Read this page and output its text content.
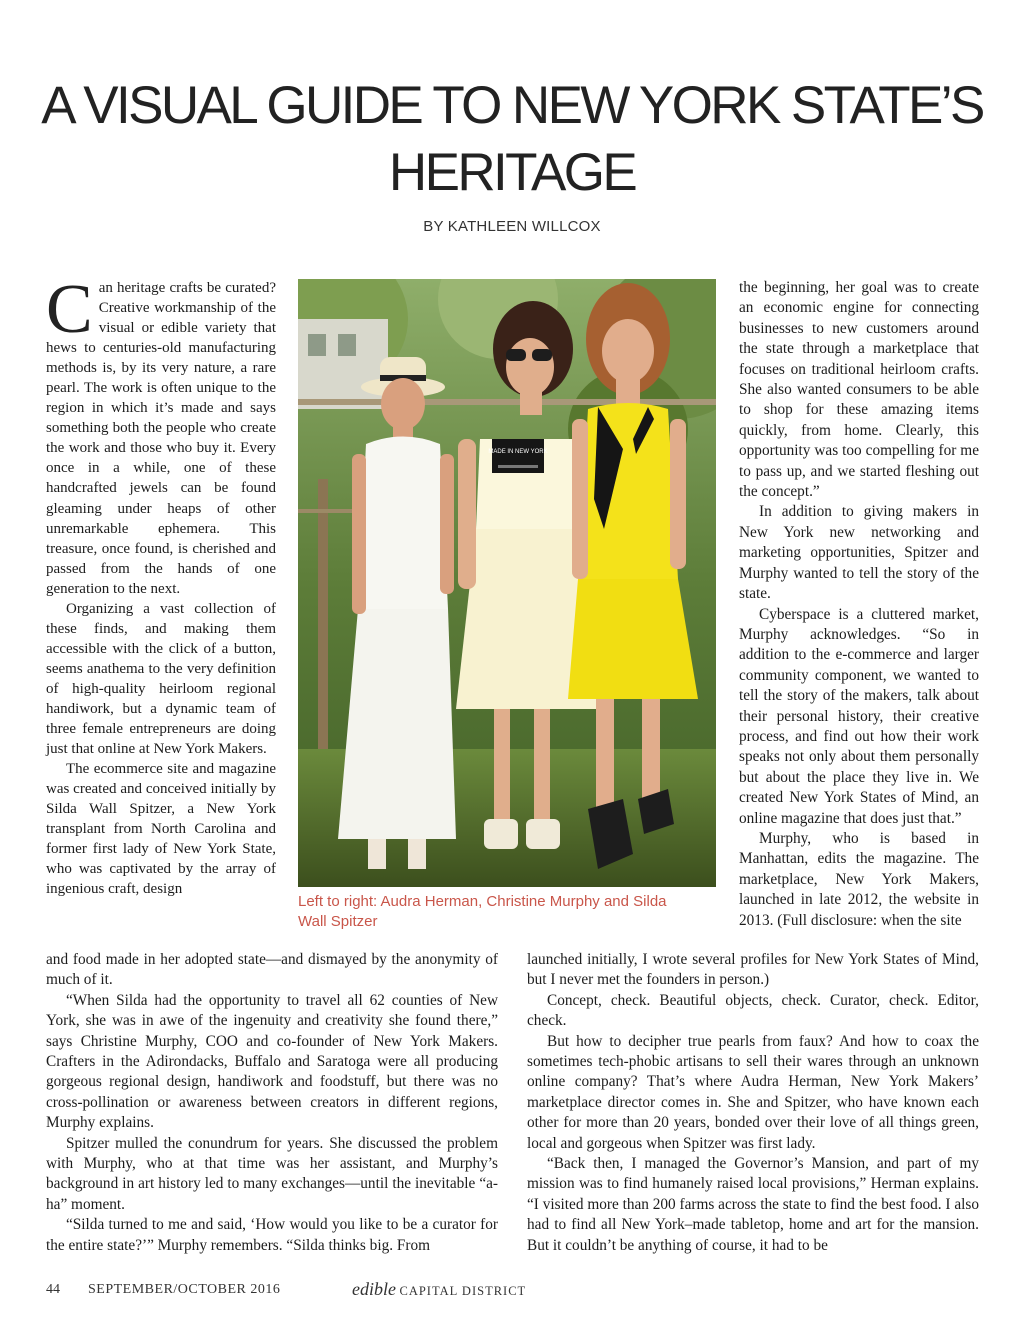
A VISUAL GUIDE TO NEW YORK STATE’S HERITAGE
BY KATHLEEN WILLCOX
C an heritage crafts be curated? Creative workmanship of the visual or edible variety that hews to centuries-old manufacturing methods is, by its very nature, a rare pearl. The work is often unique to the region in which it’s made and says something both the people who create the work and those who buy it. Every once in a while, one of these handcrafted jewels can be found gleaming under heaps of other unremarkable ephemera. This treasure, once found, is cherished and passed from the hands of one generation to the next.

Organizing a vast collection of these finds, and making them accessible with the click of a button, seems anathema to the very definition of high-quality heirloom regional handiwork, but a dynamic team of three female entrepreneurs are doing just that online at New York Makers.

The ecommerce site and magazine was created and conceived initially by Silda Wall Spitzer, a New York transplant from North Carolina and former first lady of New York State, who was captivated by the array of ingenious craft, design

MADE IN NEW YORK
Left to right: Audra Herman, Christine Murphy and Silda Wall Spitzer

and food made in her adopted state—and dismayed by the anonymity of much of it.

“When Silda had the opportunity to travel all 62 counties of New York, she was in awe of the ingenuity and creativity she found there,” says Christine Murphy, COO and co-founder of New York Makers. Crafters in the Adirondacks, Buffalo and Saratoga were all producing gorgeous regional design, handiwork and foodstuff, but there was no cross-pollination or awareness between creators in different regions, Murphy explains.

Spitzer mulled the conundrum for years. She discussed the problem with Murphy, who at that time was her assistant, and Murphy’s background in art history led to many exchanges—until the inevitable “a-ha” moment.

“Silda turned to me and said, ‘How would you like to be a curator for the entire state?’” Murphy remembers. “Silda thinks big. From

the beginning, her goal was to create an economic engine for connecting businesses to new customers around the state through a marketplace that focuses on traditional heirloom crafts. She also wanted consumers to be able to shop for these amazing items quickly, from home. Clearly, this opportunity was too compelling for me to pass up, and we started fleshing out the concept.”

In addition to giving makers in New York new networking and marketing opportunities, Spitzer and Murphy wanted to tell the story of the state.

Cyberspace is a cluttered market, Murphy acknowledges. “So in addition to the e-commerce and larger community component, we wanted to tell the story of the makers, talk about their personal history, their creative process, and find out how their work speaks not only about them personally but about the place they live in. We created New York States of Mind, an online magazine that does just that.”

Murphy, who is based in Manhattan, edits the magazine. The marketplace, New York Makers, launched in late 2012, the website in 2013. (Full disclosure: when the site

launched initially, I wrote several profiles for New York States of Mind, but I never met the founders in person.)

Concept, check. Beautiful objects, check. Curator, check. Editor, check.

But how to decipher true pearls from faux? And how to coax the sometimes tech-phobic artisans to sell their wares through an unknown online company? That’s where Audra Herman, New York Makers’ marketplace director comes in. She and Spitzer, who have known each other for more than 20 years, bonded over their love of all things green, local and gorgeous when Spitzer was first lady.

“Back then, I managed the Governor’s Mansion, and part of my mission was to find humanely raised local provisions,” Herman explains. “I visited more than 200 farms across the state to find the best food. I also had to find all New York–made tabletop, home and art for the mansion. But it couldn’t be anything of course, it had to be

44 SEPTEMBER/OCTOBER 2016	edible CAPITAL DISTRICT
